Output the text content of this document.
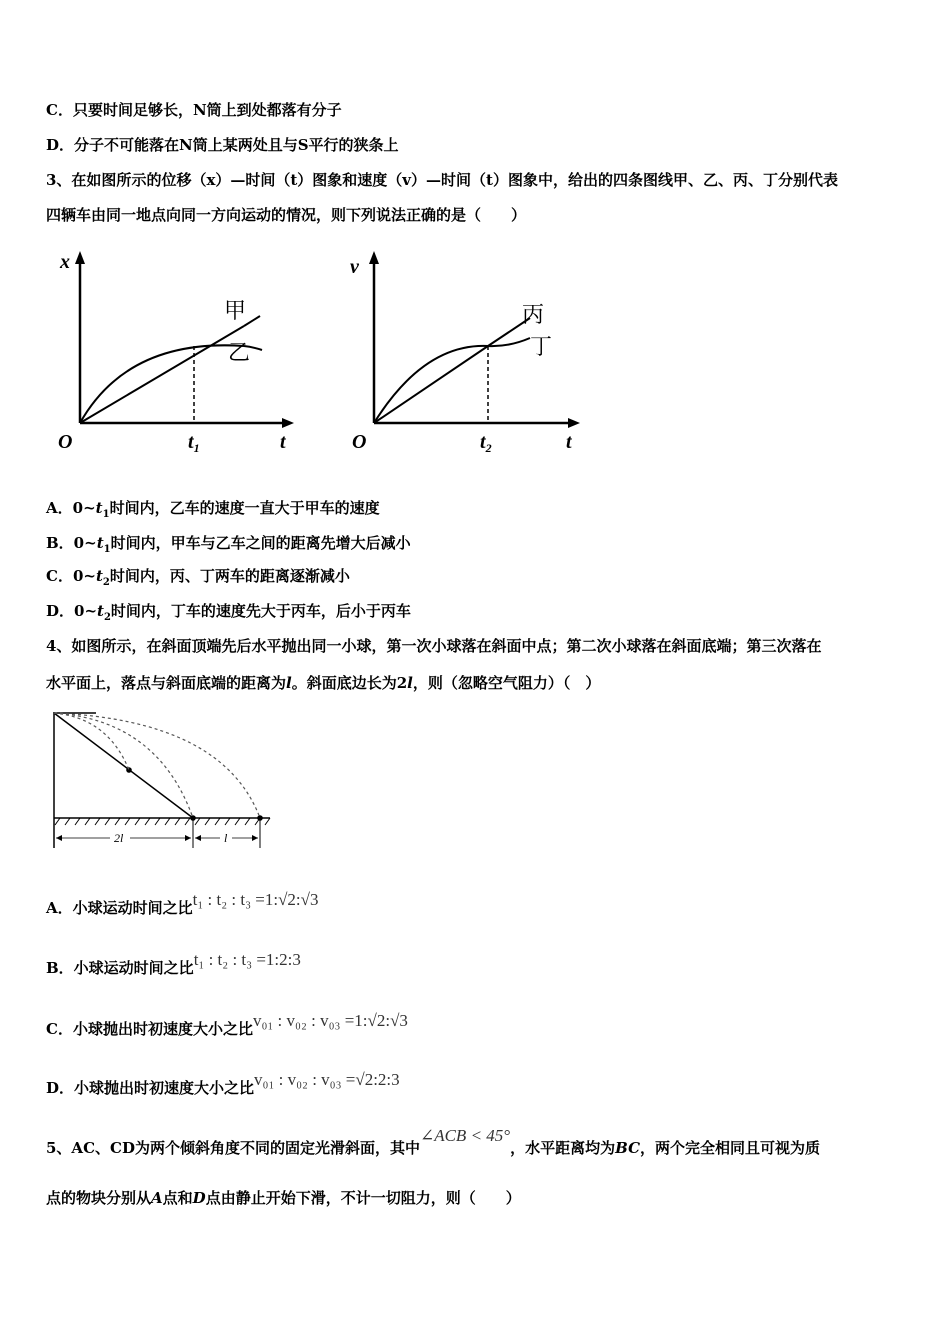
C．只要时间足够长，N筒上到处都落有分子
D．分子不可能落在N筒上某两处且与S平行的狭条上
3、在如图所示的位移（x）—时间（t）图象和速度（v）—时间（t）图象中，给出的四条图线甲、乙、丙、丁分别代表
四辆车由同一地点向同一方向运动的情况，则下列说法正确的是（　　）
x
t
O	$t_1$
甲
乙
v
t
O	$t_2$
丙
丁
A．$0\sim t_1$时间内，乙车的速度一直大于甲车的速度
B．$0\sim t_1$时间内，甲车与乙车之间的距离先增大后减小
C．$0\sim t_2$时间内，丙、丁两车的距离逐渐减小
D．$0\sim t_2$时间内，丁车的速度先大于丙车，后小于丙车
4、如图所示，在斜面顶端先后水平抛出同一小球，第一次小球落在斜面中点；第二次小球落在斜面底端；第三次落在
水平面上，落点与斜面底端的距离为l。斜面底边长为2l，则（忽略空气阻力）（　）
2l	l
A．小球运动时间之比t₁ : t₂ : t₃ =1:√2:√3
B．小球运动时间之比t₁ : t₂ : t₃ =1:2:3
C．小球抛出时初速度大小之比v₀₁ : v₀₂ : v₀₃ =1:√2:√3
D．小球抛出时初速度大小之比v₀₁ : v₀₂ : v₀₃ =√2:2:3
5、AC、CD为两个倾斜角度不同的固定光滑斜面，其中∠ACB < 45°，水平距离均为BC，两个完全相同且可视为质
点的物块分别从A点和D点由静止开始下滑，不计一切阻力，则（　　）
